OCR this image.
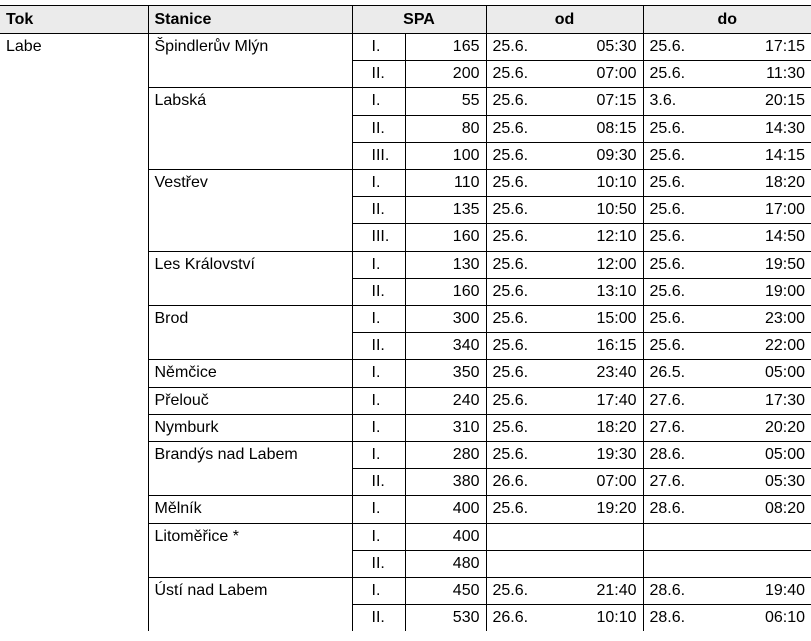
Tok	Stanice	SPA		od		do	
Labe	Špindlerův Mlýn	I.	165	25.6.	05:30	25.6.	17:15
		II.	200	25.6.	07:00	25.6.	11:30
	Labská	I.	55	25.6.	07:15	3.6.	20:15
		II.	80	25.6.	08:15	25.6.	14:30
		III.	100	25.6.	09:30	25.6.	14:15
	Vestřev	I.	110	25.6.	10:10	25.6.	18:20
		II.	135	25.6.	10:50	25.6.	17:00
		III.	160	25.6.	12:10	25.6.	14:50
	Les Království	I.	130	25.6.	12:00	25.6.	19:50
		II.	160	25.6.	13:10	25.6.	19:00
	Brod	I.	300	25.6.	15:00	25.6.	23:00
		II.	340	25.6.	16:15	25.6.	22:00
	Němčice	I.	350	25.6.	23:40	26.5.	05:00
	Přelouč	I.	240	25.6.	17:40	27.6.	17:30
	Nymburk	I.	310	25.6.	18:20	27.6.	20:20
	Brandýs nad Labem	I.	280	25.6.	19:30	28.6.	05:00
		II.	380	26.6.	07:00	27.6.	05:30
	Mělník	I.	400	25.6.	19:20	28.6.	08:20
	Litoměřice *	I.	400				
		II.	480				
	Ústí nad Labem	I.	450	25.6.	21:40	28.6.	19:40
		II.	530	26.6.	10:10	28.6.	06:10
